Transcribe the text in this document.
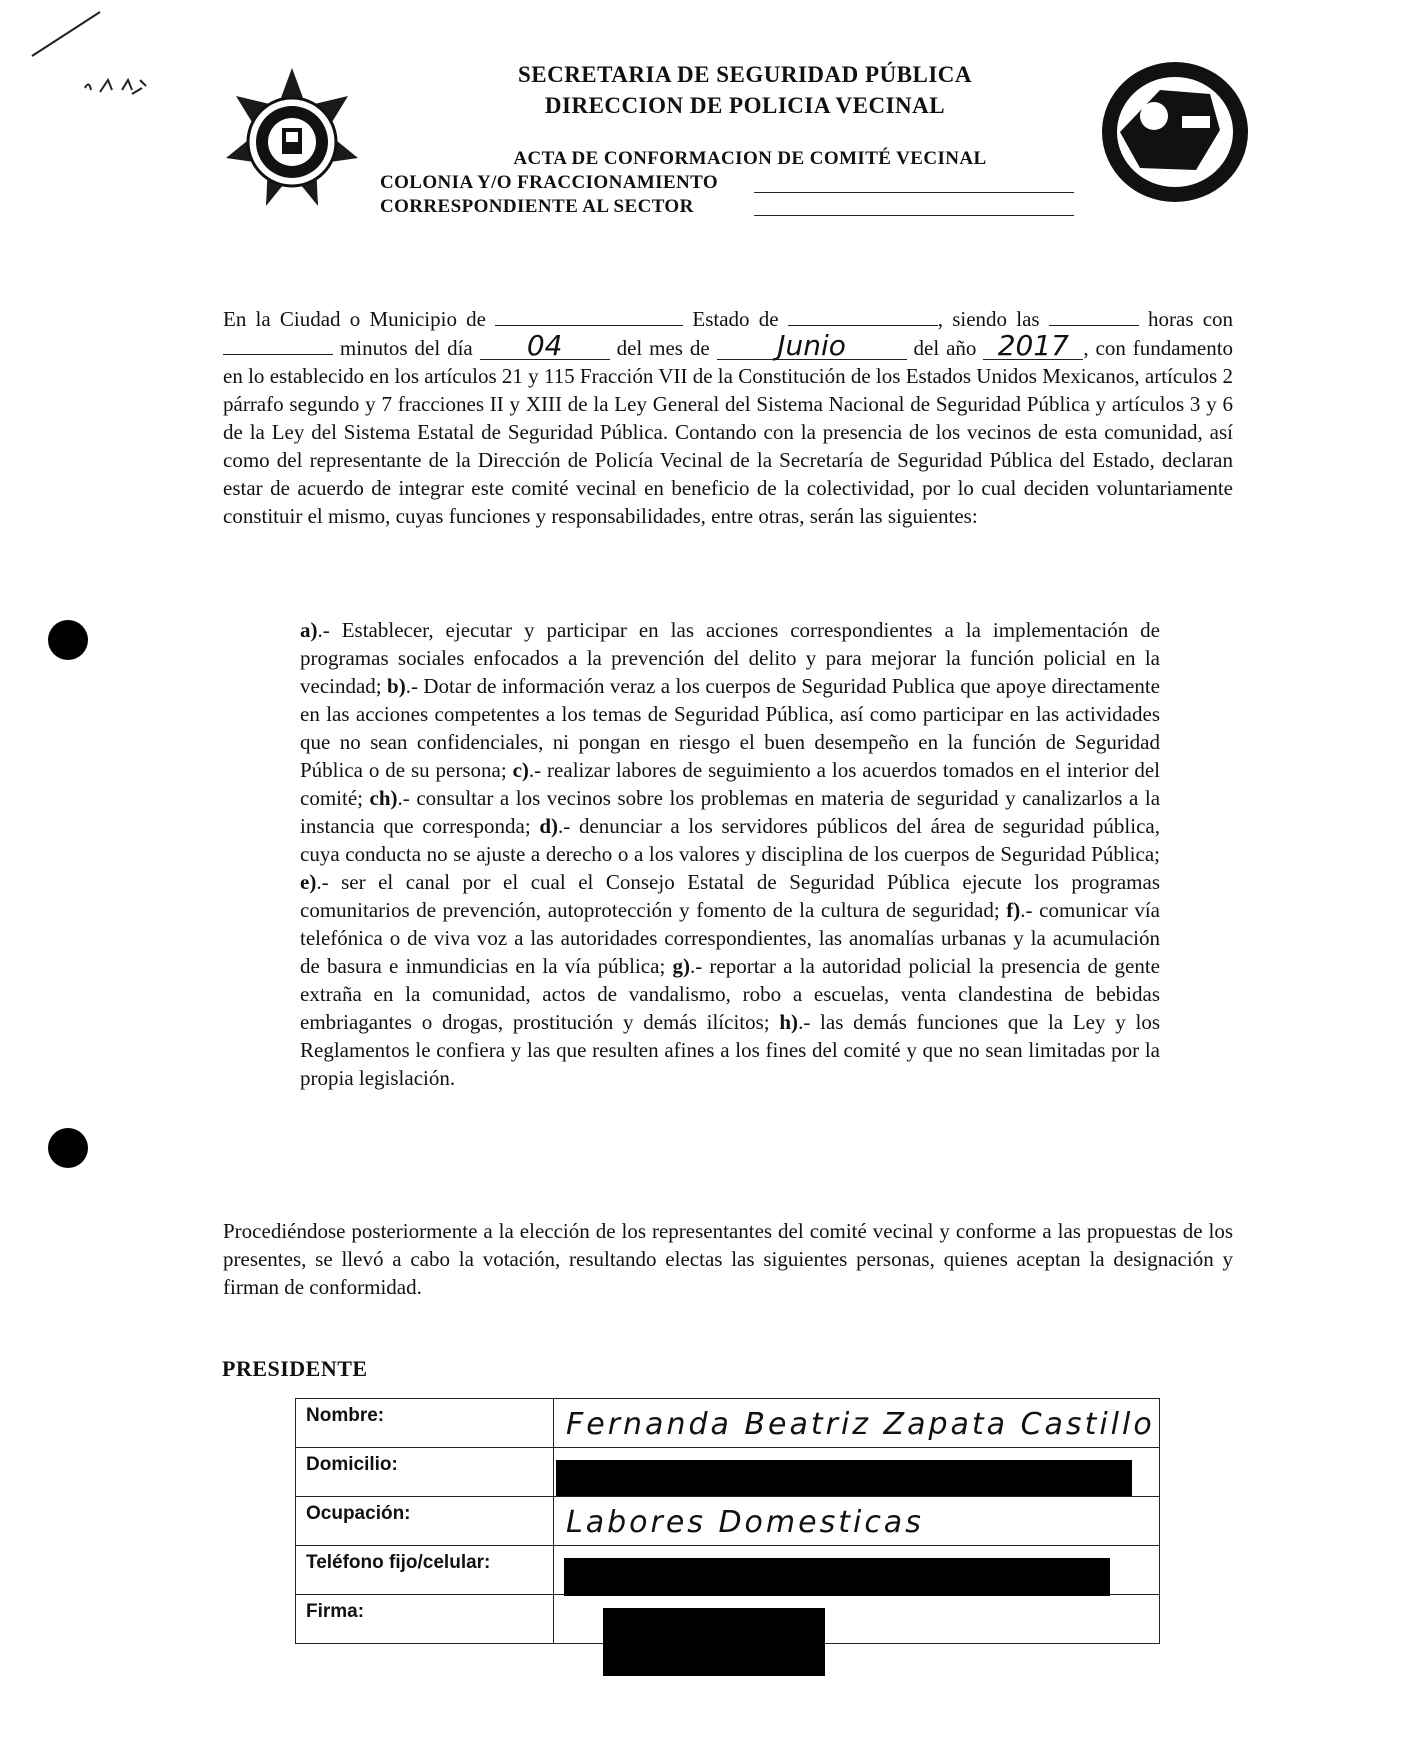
SECRETARIA DE SEGURIDAD PÚBLICA
DIRECCION DE POLICIA VECINAL
ACTA DE CONFORMACION DE COMITÉ VECINAL
COLONIA Y/O FRACCIONAMIENTO
CORRESPONDIENTE AL SECTOR
En la Ciudad o Municipio de	Estado de	, siendo las	horas con  minutos del día 04	del mes de Junio	del año 2017 , con fundamento en lo establecido en los artículos 21 y 115 Fracción VII de la Constitución de los Estados Unidos Mexicanos, artículos 2 párrafo segundo y 7 fracciones II y XIII de la Ley General del Sistema Nacional de Seguridad Pública y artículos 3 y 6 de la Ley del Sistema Estatal de Seguridad Pública. Contando con la presencia de los vecinos de esta comunidad, así como del representante de la Dirección de Policía Vecinal de la Secretaría de Seguridad Pública del Estado, declaran estar de acuerdo de integrar este comité vecinal en beneficio de la colectividad, por lo cual deciden voluntariamente constituir el mismo, cuyas funciones y responsabilidades, entre otras, serán las siguientes:
a).- Establecer, ejecutar y participar en las acciones correspondientes a la implementación de programas sociales enfocados a la prevención del delito y para mejorar la función policial en la vecindad; b).- Dotar de información veraz a los cuerpos de Seguridad Publica que apoye directamente en las acciones competentes a los temas de Seguridad Pública, así como participar en las actividades que no sean confidenciales, ni pongan en riesgo el buen desempeño en la función de Seguridad Pública o de su persona; c).- realizar labores de seguimiento a los acuerdos tomados en el interior del comité; ch).- consultar a los vecinos sobre los problemas en materia de seguridad y canalizarlos a la instancia que corresponda; d).- denunciar a los servidores públicos del área de seguridad pública, cuya conducta no se ajuste a derecho o a los valores y disciplina de los cuerpos de Seguridad Pública; e).- ser el canal por el cual el Consejo Estatal de Seguridad Pública ejecute los programas comunitarios de prevención, autoprotección y fomento de la cultura de seguridad; f).- comunicar vía telefónica o de viva voz a las autoridades correspondientes, las anomalías urbanas y la acumulación de basura e inmundicias en la vía pública; g).- reportar a la autoridad policial la presencia de gente extraña en la comunidad, actos de vandalismo, robo a escuelas, venta clandestina de bebidas embriagantes o drogas, prostitución y demás ilícitos; h).- las demás funciones que la Ley y los Reglamentos le confiera y las que resulten afines a los fines del comité y que no sean limitadas por la propia legislación.
Procediéndose posteriormente a la elección de los representantes del comité vecinal y conforme a las propuestas de los presentes, se llevó a cabo la votación, resultando electas las siguientes personas, quienes aceptan la designación y firman de conformidad.
PRESIDENTE
Nombre:	Fernanda Beatriz Zapata Castillo

Domicilio:	

Ocupación:	Labores Domesticas

Teléfono fijo/celular:	

Firma:	
